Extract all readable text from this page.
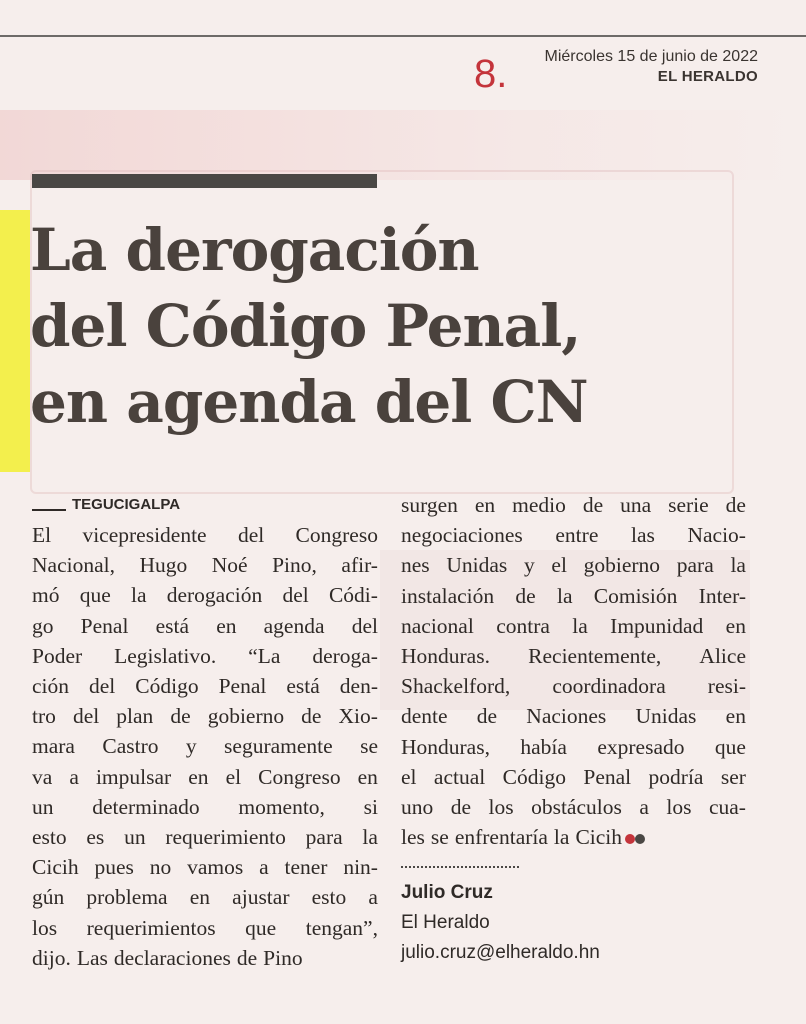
8. Miércoles 15 de junio de 2022
EL HERALDO
La derogación
del Código Penal,
en agenda del CN
TEGUCIGALPA
El vicepresidente del Congreso
Nacional, Hugo Noé Pino, afir-
mó que la derogación del Códi-
go Penal está en agenda del
Poder Legislativo. “La deroga-
ción del Código Penal está den-
tro del plan de gobierno de Xio-
mara Castro y seguramente se
va a impulsar en el Congreso en
un determinado momento, si
esto es un requerimiento para la
Cicih pues no vamos a tener nin-
gún problema en ajustar esto a
los requerimientos que tengan”,
dijo. Las declaraciones de Pino
surgen en medio de una serie de
negociaciones entre las Nacio-
nes Unidas y el gobierno para la
instalación de la Comisión Inter-
nacional contra la Impunidad en
Honduras. Recientemente, Alice
Shackelford, coordinadora resi-
dente de Naciones Unidas en
Honduras, había expresado que
el actual Código Penal podría ser
uno de los obstáculos a los cua-
les se enfrentaría la Cicih
Julio Cruz
El Heraldo
julio.cruz@elheraldo.hn
